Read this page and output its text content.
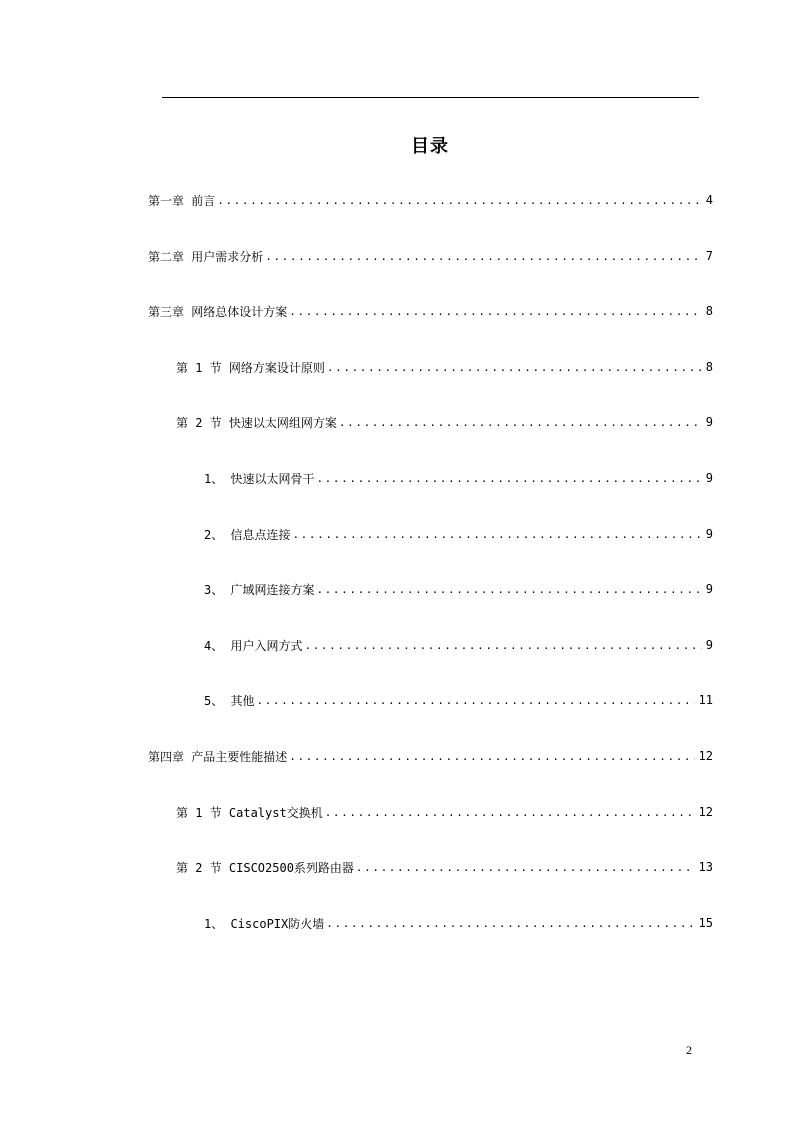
目录
第一章 前言 .....	4
第二章 用户需求分析 .....	7
第三章 网络总体设计方案 .....	8
第 1 节 网络方案设计原则 .....	8
第 2 节 快速以太网组网方案 .....	9
1、 快速以太网骨干 .....	9
2、 信息点连接 .....	9
3、 广域网连接方案 .....	9
4、 用户入网方式 .....	9
5、 其他 .....	11
第四章 产品主要性能描述 .....	12
第 1 节 Catalyst交换机 .....	12
第 2 节 CISCO2500系列路由器 .....	13
1、 CiscoPIX防火墙 .....	15
2
